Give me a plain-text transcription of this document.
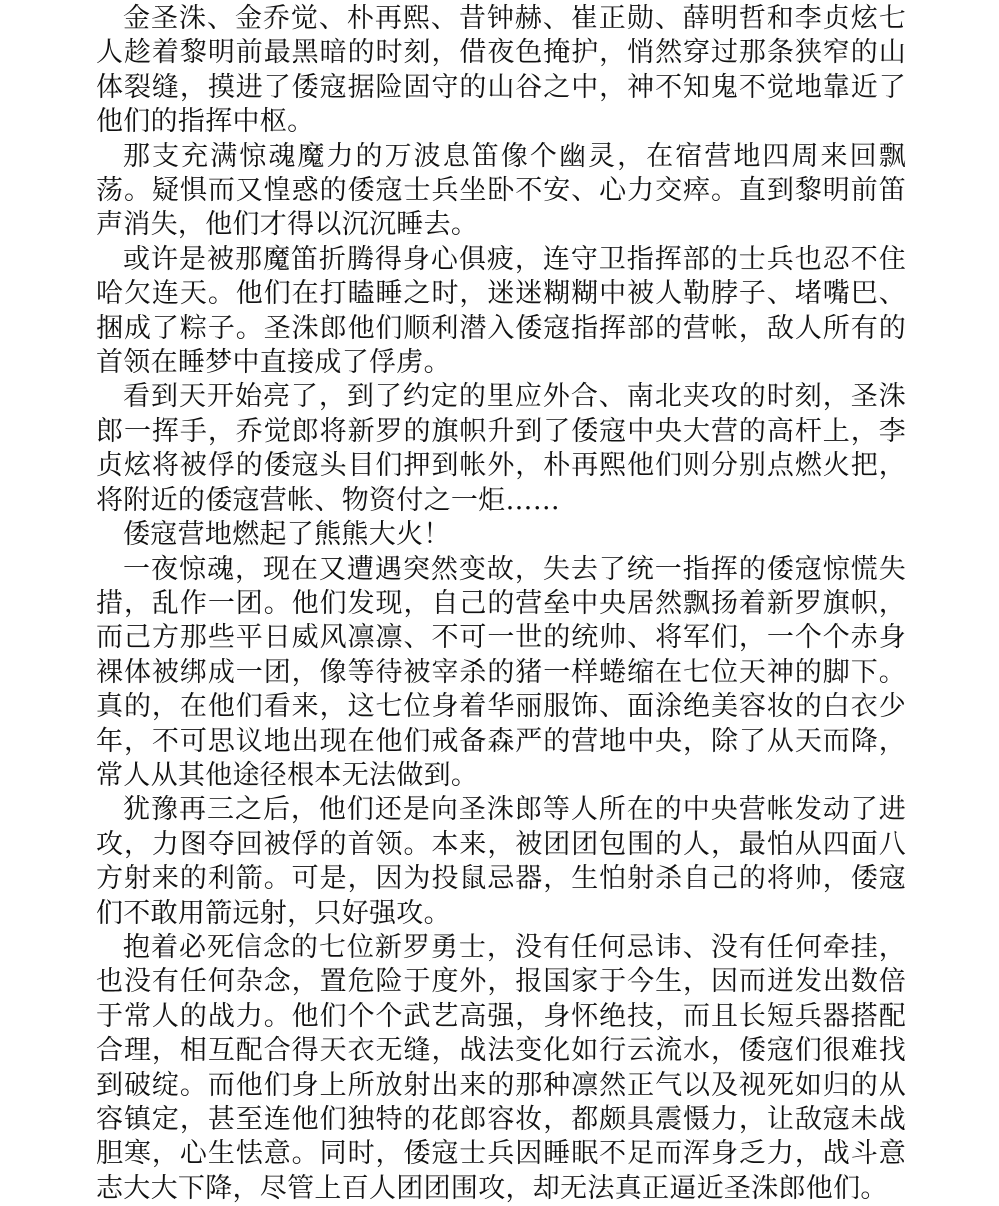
金圣洙、金乔觉、朴再熙、昔钟赫、崔正勋、薛明哲和李贞炫七人趁着黎明前最黑暗的时刻，借夜色掩护，悄然穿过那条狭窄的山体裂缝，摸进了倭寇据险固守的山谷之中，神不知鬼不觉地靠近了他们的指挥中枢。

那支充满惊魂魔力的万波息笛像个幽灵，在宿营地四周来回飘荡。疑惧而又惶惑的倭寇士兵坐卧不安、心力交瘁。直到黎明前笛声消失，他们才得以沉沉睡去。

或许是被那魔笛折腾得身心俱疲，连守卫指挥部的士兵也忍不住哈欠连天。他们在打瞌睡之时，迷迷糊糊中被人勒脖子、堵嘴巴、捆成了粽子。圣洙郎他们顺利潜入倭寇指挥部的营帐，敌人所有的首领在睡梦中直接成了俘虏。

看到天开始亮了，到了约定的里应外合、南北夹攻的时刻，圣洙郎一挥手，乔觉郎将新罗的旗帜升到了倭寇中央大营的高杆上，李贞炫将被俘的倭寇头目们押到帐外，朴再熙他们则分别点燃火把，将附近的倭寇营帐、物资付之一炬……

倭寇营地燃起了熊熊大火！

一夜惊魂，现在又遭遇突然变故，失去了统一指挥的倭寇惊慌失措，乱作一团。他们发现，自己的营垒中央居然飘扬着新罗旗帜，而己方那些平日威风凛凛、不可一世的统帅、将军们，一个个赤身裸体被绑成一团，像等待被宰杀的猪一样蜷缩在七位天神的脚下。真的，在他们看来，这七位身着华丽服饰、面涂绝美容妆的白衣少年，不可思议地出现在他们戒备森严的营地中央，除了从天而降，常人从其他途径根本无法做到。

犹豫再三之后，他们还是向圣洙郎等人所在的中央营帐发动了进攻，力图夺回被俘的首领。本来，被团团包围的人，最怕从四面八方射来的利箭。可是，因为投鼠忌器，生怕射杀自己的将帅，倭寇们不敢用箭远射，只好强攻。

抱着必死信念的七位新罗勇士，没有任何忌讳、没有任何牵挂，也没有任何杂念，置危险于度外，报国家于今生，因而迸发出数倍于常人的战力。他们个个武艺高强，身怀绝技，而且长短兵器搭配合理，相互配合得天衣无缝，战法变化如行云流水，倭寇们很难找到破绽。而他们身上所放射出来的那种凛然正气以及视死如归的从容镇定，甚至连他们独特的花郎容妆，都颇具震慑力，让敌寇未战胆寒，心生怯意。同时，倭寇士兵因睡眠不足而浑身乏力，战斗意志大大下降，尽管上百人团团围攻，却无法真正逼近圣洙郎他们。
